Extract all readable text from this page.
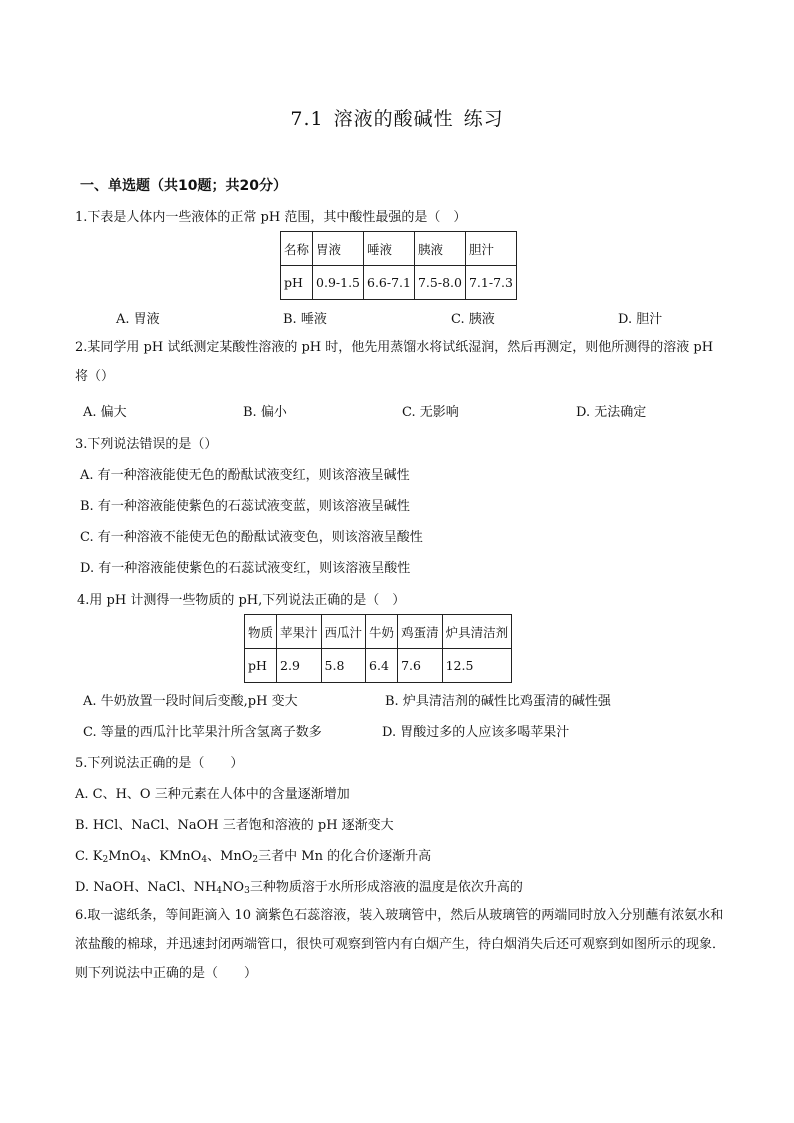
7.1 溶液的酸碱性 练习
一、单选题（共10题；共20分）
1.下表是人体内一些液体的正常 pH 范围，其中酸性最强的是（　）
名称	胃液	唾液	胰液	胆汁
pH	0.9-1.5	6.6-7.1	7.5-8.0	7.1-7.3
A. 胃液	B. 唾液	C. 胰液	D. 胆汁
2.某同学用 pH 试纸测定某酸性溶液的 pH 时，他先用蒸馏水将试纸湿润，然后再测定，则他所测得的溶液 pH 将（）
A. 偏大	B. 偏小	C. 无影响	D. 无法确定
3.下列说法错误的是（）
A. 有一种溶液能使无色的酚酞试液变红，则该溶液呈碱性
B. 有一种溶液能使紫色的石蕊试液变蓝，则该溶液呈碱性
C. 有一种溶液不能使无色的酚酞试液变色，则该溶液呈酸性
D. 有一种溶液能使紫色的石蕊试液变红，则该溶液呈酸性
4.用 pH 计测得一些物质的 pH,下列说法正确的是（　）
物质	苹果汁	西瓜汁	牛奶	鸡蛋清	炉具清洁剂
pH	2.9	5.8	6.4	7.6	12.5
A. 牛奶放置一段时间后变酸,pH 变大	B. 炉具清洁剂的碱性比鸡蛋清的碱性强
C. 等量的西瓜汁比苹果汁所含氢离子数多	D. 胃酸过多的人应该多喝苹果汁
5.下列说法正确的是（　　）
A. C、H、O 三种元素在人体中的含量逐渐增加
B. HCl、NaCl、NaOH 三者饱和溶液的 pH 逐渐变大
C. $K_2MnO_4$、KMnO$_4$、MnO$_2$三者中 Mn 的化合价逐渐升高
D. NaOH、NaCl、$NH_4NO_3$三种物质溶于水所形成溶液的温度是依次升高的
6.取一滤纸条，等间距滴入 10 滴紫色石蕊溶液，装入玻璃管中，然后从玻璃管的两端同时放入分别蘸有浓氨水和浓盐酸的棉球，并迅速封闭两端管口，很快可观察到管内有白烟产生，待白烟消失后还可观察到如图所示的现象．则下列说法中正确的是（　　）
